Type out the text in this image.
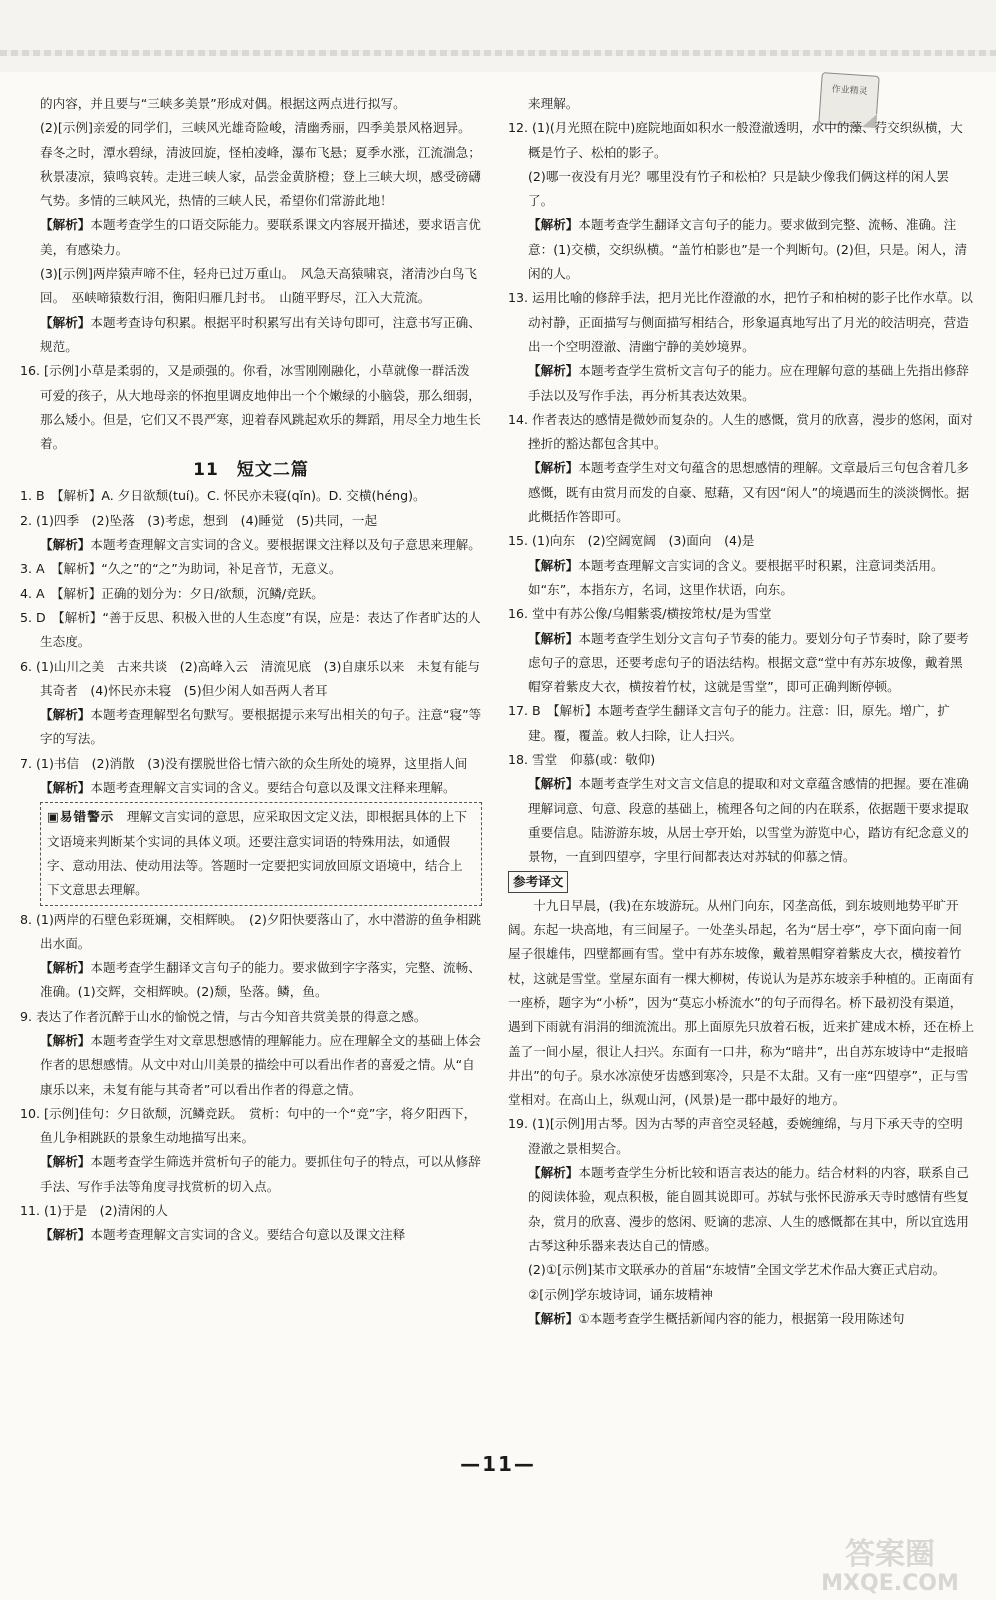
作业精灵

的内容，并且要与“三峡多美景”形成对偶。根据这两点进行拟写。

(2)[示例]亲爱的同学们，三峡风光雄奇险峻，清幽秀丽，四季美景风格迥异。春冬之时，潭水碧绿，清波回旋，怪柏凌峰，瀑布飞悬；夏季水涨，江流湍急；秋景凄凉，猿鸣哀转。走进三峡人家，品尝金黄脐橙；登上三峡大坝，感受磅礴气势。多情的三峡风光，热情的三峡人民，希望你们常游此地！

【解析】本题考查学生的口语交际能力。要联系课文内容展开描述，要求语言优美，有感染力。

(3)[示例]两岸猿声啼不住，轻舟已过万重山。　风急天高猿啸哀，渚清沙白鸟飞回。　巫峡啼猿数行泪，衡阳归雁几封书。　山随平野尽，江入大荒流。

【解析】本题考查诗句积累。根据平时积累写出有关诗句即可，注意书写正确、规范。

16. [示例]小草是柔弱的，又是顽强的。你看，冰雪刚刚融化，小草就像一群活泼可爱的孩子，从大地母亲的怀抱里调皮地伸出一个个嫩绿的小脑袋，那么细弱，那么矮小。但是，它们又不畏严寒，迎着春风跳起欢乐的舞蹈，用尽全力地生长着。

11　短文二篇

1. B　【解析】A. 夕日欲颓(tuí)。C. 怀民亦未寝(qǐn)。D. 交横(héng)。

2. (1)四季　(2)坠落　(3)考虑，想到　(4)睡觉　(5)共同，一起

【解析】本题考查理解文言实词的含义。要根据课文注释以及句子意思来理解。

3. A　【解析】“久之”的“之”为助词，补足音节，无意义。

4. A　【解析】正确的划分为：夕日/欲颓，沉鳞/竞跃。

5. D　【解析】“善于反思、积极入世的人生态度”有误，应是：表达了作者旷达的人生态度。

6. (1)山川之美　古来共谈　(2)高峰入云　清流见底　(3)自康乐以来　未复有能与其奇者　(4)怀民亦未寝　(5)但少闲人如吾两人者耳

【解析】本题考查理解型名句默写。要根据提示来写出相关的句子。注意“寝”等字的写法。

7. (1)书信　(2)消散　(3)没有摆脱世俗七情六欲的众生所处的境界，这里指人间

【解析】本题考查理解文言实词的含义。要结合句意以及课文注释来理解。

▣易错警示　 理解文言实词的意思，应采取因文定义法，即根据具体的上下文语境来判断某个实词的具体义项。还要注意实词语的特殊用法，如通假字、意动用法、使动用法等。答题时一定要把实词放回原文语境中，结合上下文意思去理解。

8. (1)两岸的石壁色彩斑斓，交相辉映。　(2)夕阳快要落山了，水中潜游的鱼争相跳出水面。

【解析】本题考查学生翻译文言句子的能力。要求做到字字落实，完整、流畅、准确。(1)交辉，交相辉映。(2)颓，坠落。鳞，鱼。

9. 表达了作者沉醉于山水的愉悦之情，与古今知音共赏美景的得意之感。

【解析】本题考查学生对文章思想感情的理解能力。应在理解全文的基础上体会作者的思想感情。从文中对山川美景的描绘中可以看出作者的喜爱之情。从“自康乐以来，未复有能与其奇者”可以看出作者的得意之情。

10. [示例]佳句：夕日欲颓，沉鳞竞跃。　赏析：句中的一个“竞”字，将夕阳西下，鱼儿争相跳跃的景象生动地描写出来。

【解析】本题考查学生筛选并赏析句子的能力。要抓住句子的特点，可以从修辞手法、写作手法等角度寻找赏析的切入点。

11. (1)于是　(2)清闲的人

【解析】本题考查理解文言实词的含义。要结合句意以及课文注释

来理解。

12. (1)(月光照在院中)庭院地面如积水一般澄澈透明，水中的藻、荇交织纵横，大概是竹子、松柏的影子。

(2)哪一夜没有月光？哪里没有竹子和松柏？只是缺少像我们俩这样的闲人罢了。

【解析】本题考查学生翻译文言句子的能力。要求做到完整、流畅、准确。注意：(1)交横，交织纵横。“盖竹柏影也”是一个判断句。(2)但，只是。闲人，清闲的人。

13. 运用比喻的修辞手法，把月光比作澄澈的水，把竹子和柏树的影子比作水草。以动衬静，正面描写与侧面描写相结合，形象逼真地写出了月光的皎洁明亮，营造出一个空明澄澈、清幽宁静的美妙境界。

【解析】本题考查学生赏析文言句子的能力。应在理解句意的基础上先指出修辞手法以及写作手法，再分析其表达效果。

14. 作者表达的感情是微妙而复杂的。人生的感慨，赏月的欣喜，漫步的悠闲，面对挫折的豁达都包含其中。

【解析】本题考查学生对文句蕴含的思想感情的理解。文章最后三句包含着几多感慨，既有由赏月而发的自豪、慰藉，又有因“闲人”的境遇而生的淡淡惆怅。据此概括作答即可。

15. (1)向东　(2)空阔宽阔　(3)面向　(4)是

【解析】本题考查理解文言实词的含义。要根据平时积累，注意词类活用。如“东”，本指东方，名词，这里作状语，向东。

16. 堂中有苏公像/乌帽紫裘/横按筇杖/是为雪堂

【解析】本题考查学生划分文言句子节奏的能力。要划分句子节奏时，除了要考虑句子的意思，还要考虑句子的语法结构。根据文意“堂中有苏东坡像，戴着黑帽穿着紫皮大衣，横按着竹杖，这就是雪堂”，即可正确判断停顿。

17. B　【解析】本题考查学生翻译文言句子的能力。注意：旧，原先。增广，扩建。覆，覆盖。敕人扫除，让人扫兴。

18. 雪堂　仰慕(或：敬仰)

【解析】本题考查学生对文言文信息的提取和对文章蕴含感情的把握。要在准确理解词意、句意、段意的基础上，梳理各句之间的内在联系，依据题干要求提取重要信息。陆游游东坡，从居士亭开始，以雪堂为游览中心，踏访有纪念意义的景物，一直到四望亭，字里行间都表达对苏轼的仰慕之情。

参考译文

十九日早晨，(我)在东坡游玩。从州门向东，冈垄高低，到东坡则地势平旷开阔。东起一块高地，有三间屋子。一处垄头昂起，名为“居士亭”，亭下面向南一间屋子很雄伟，四壁都画有雪。堂中有苏东坡像，戴着黑帽穿着紫皮大衣，横按着竹杖，这就是雪堂。堂屋东面有一棵大柳树，传说认为是苏东坡亲手种植的。正南面有一座桥，题字为“小桥”，因为“莫忘小桥流水”的句子而得名。桥下最初没有渠道，遇到下雨就有涓涓的细流流出。那上面原先只放着石板，近来扩建成木桥，还在桥上盖了一间小屋，很让人扫兴。东面有一口井，称为“暗井”，出自苏东坡诗中“走报暗井出”的句子。泉水冰凉使牙齿感到寒冷，只是不太甜。又有一座“四望亭”，正与雪堂相对。在高山上，纵观山河，(风景)是一郡中最好的地方。

19. (1)[示例]用古琴。因为古琴的声音空灵轻越，委婉缠绵，与月下承天寺的空明澄澈之景相契合。

【解析】本题考查学生分析比较和语言表达的能力。结合材料的内容，联系自己的阅读体验，观点积极，能自圆其说即可。苏轼与张怀民游承天寺时感情有些复杂，赏月的欣喜、漫步的悠闲、贬谪的悲凉、人生的感慨都在其中，所以宜选用古琴这种乐器来表达自己的情感。

(2)①[示例]某市文联承办的首届“东坡情”全国文学艺术作品大赛正式启动。

②[示例]学东坡诗词，诵东坡精神

【解析】①本题考查学生概括新闻内容的能力，根据第一段用陈述句

—11—
答案圈
MXQE.COM
